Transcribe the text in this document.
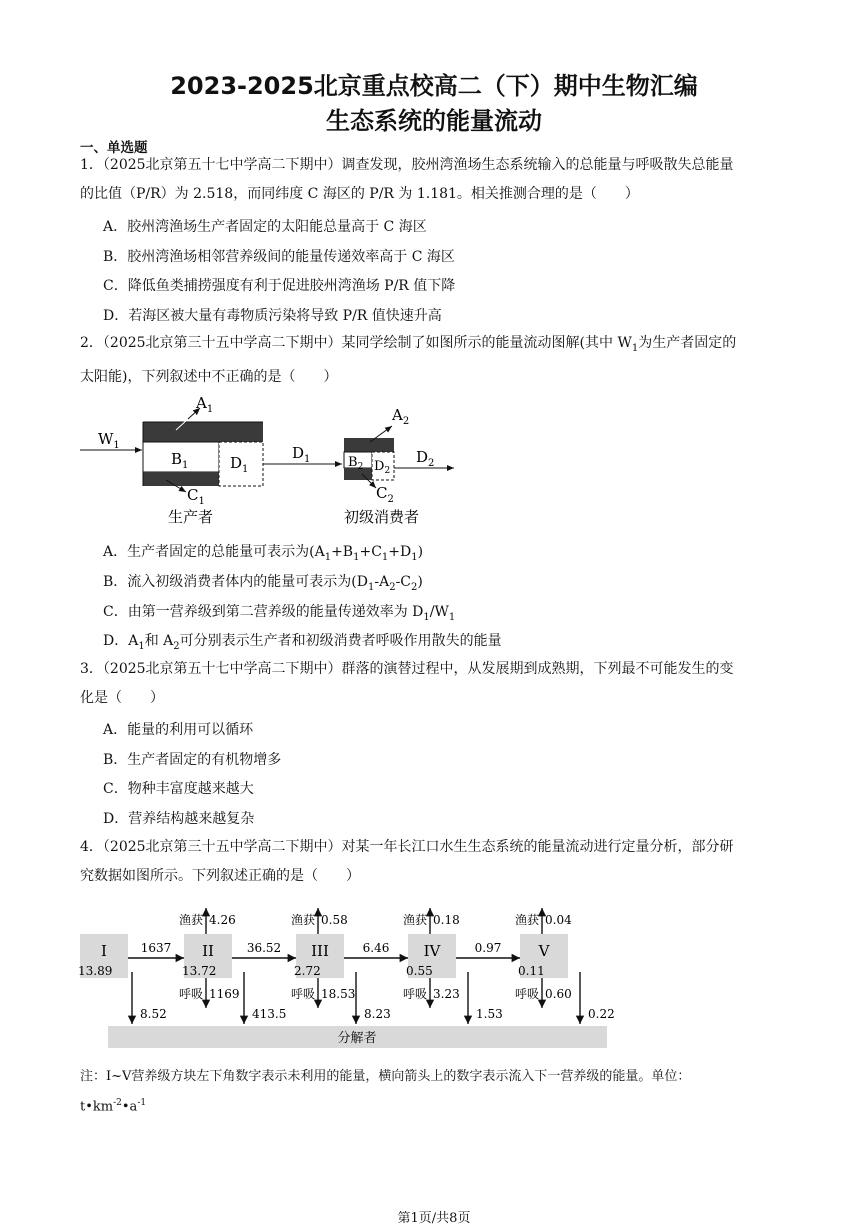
2023-2025北京重点校高二（下）期中生物汇编
生态系统的能量流动
一、单选题
1．（2025北京第五十七中学高二下期中）调查发现，胶州湾渔场生态系统输入的总能量与呼吸散失总能量
的比值（P/R）为 2.518，而同纬度 C 海区的 P/R 为 1.181。相关推测合理的是（　　）
A．胶州湾渔场生产者固定的太阳能总量高于 C 海区
B．胶州湾渔场相邻营养级间的能量传递效率高于 C 海区
C．降低鱼类捕捞强度有利于促进胶州湾渔场 P/R 值下降
D．若海区被大量有毒物质污染将导致 P/R 值快速升高
2．（2025北京第三十五中学高二下期中）某同学绘制了如图所示的能量流动图解(其中 $W_1$为生产者固定的
太阳能)，下列叙述中不正确的是（　　）
$W_1$
$A_1$
$B_1$	$D_1$
$C_1$
$D_1$
$A_2$
$B_2$ $D_2$
$C_2$
$D_2$
生产者	初级消费者
A．生产者固定的总能量可表示为$(A_1+B_1+C_1+D_1)$
B．流入初级消费者体内的能量可表示为$(D_1-A_2-C_2)$
C．由第一营养级到第二营养级的能量传递效率为 $D_1/W_1$
D．$A_1$和 $A_2$可分别表示生产者和初级消费者呼吸作用散失的能量
3．（2025北京第五十七中学高二下期中）群落的演替过程中，从发展期到成熟期，下列最不可能发生的变
化是（　　）
A．能量的利用可以循环
B．生产者固定的有机物增多
C．物种丰富度越来越大
D．营养结构越来越复杂
4．（2025北京第三十五中学高二下期中）对某一年长江口水生生态系统的能量流动进行定量分析，部分研
究数据如图所示。下列叙述正确的是（　　）
分解者
I
13.89
8.52
II
13.72
413.5
III
2.72
8.23
IV
0.55
1.53
V
0.11
0.22
1637	36.52	6.46	0.97
渔获 4.26
呼吸 1169
渔获 0.58
呼吸 18.53
渔获 0.18
呼吸 3.23
渔获 0.04
呼吸 0.60
注：I~V营养级方块左下角数字表示未利用的能量，横向箭头上的数字表示流入下一营养级的能量。单位：
$t•km^{-2}•a^{-1}$
第1页/共8页
